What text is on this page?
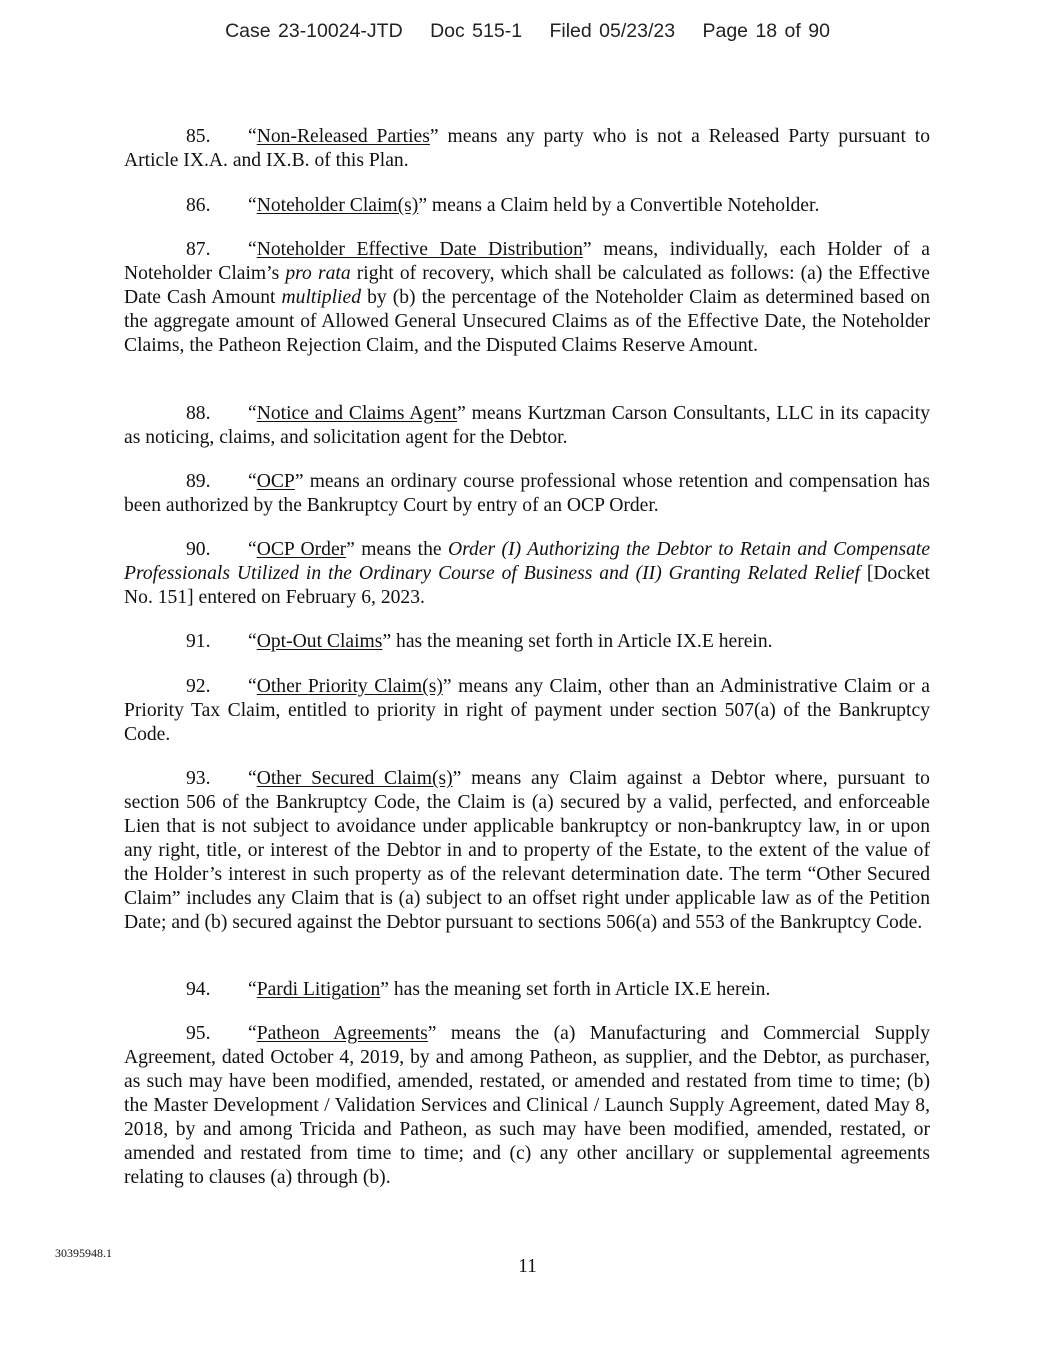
Case 23-10024-JTD Doc 515-1 Filed 05/23/23 Page 18 of 90
85. “Non-Released Parties” means any party who is not a Released Party pursuant to Article IX.A. and IX.B. of this Plan.
86. “Noteholder Claim(s)” means a Claim held by a Convertible Noteholder.
87. “Noteholder Effective Date Distribution” means, individually, each Holder of a Noteholder Claim’s pro rata right of recovery, which shall be calculated as follows: (a) the Effective Date Cash Amount multiplied by (b) the percentage of the Noteholder Claim as determined based on the aggregate amount of Allowed General Unsecured Claims as of the Effective Date, the Noteholder Claims, the Patheon Rejection Claim, and the Disputed Claims Reserve Amount.
88. “Notice and Claims Agent” means Kurtzman Carson Consultants, LLC in its capacity as noticing, claims, and solicitation agent for the Debtor.
89. “OCP” means an ordinary course professional whose retention and compensation has been authorized by the Bankruptcy Court by entry of an OCP Order.
90. “OCP Order” means the Order (I) Authorizing the Debtor to Retain and Compensate Professionals Utilized in the Ordinary Course of Business and (II) Granting Related Relief [Docket No. 151] entered on February 6, 2023.
91. “Opt-Out Claims” has the meaning set forth in Article IX.E herein.
92. “Other Priority Claim(s)” means any Claim, other than an Administrative Claim or a Priority Tax Claim, entitled to priority in right of payment under section 507(a) of the Bankruptcy Code.
93. “Other Secured Claim(s)” means any Claim against a Debtor where, pursuant to section 506 of the Bankruptcy Code, the Claim is (a) secured by a valid, perfected, and enforceable Lien that is not subject to avoidance under applicable bankruptcy or non-bankruptcy law, in or upon any right, title, or interest of the Debtor in and to property of the Estate, to the extent of the value of the Holder’s interest in such property as of the relevant determination date. The term “Other Secured Claim” includes any Claim that is (a) subject to an offset right under applicable law as of the Petition Date; and (b) secured against the Debtor pursuant to sections 506(a) and 553 of the Bankruptcy Code.
94. “Pardi Litigation” has the meaning set forth in Article IX.E herein.
95. “Patheon Agreements” means the (a) Manufacturing and Commercial Supply Agreement, dated October 4, 2019, by and among Patheon, as supplier, and the Debtor, as purchaser, as such may have been modified, amended, restated, or amended and restated from time to time; (b) the Master Development / Validation Services and Clinical / Launch Supply Agreement, dated May 8, 2018, by and among Tricida and Patheon, as such may have been modified, amended, restated, or amended and restated from time to time; and (c) any other ancillary or supplemental agreements relating to clauses (a) through (b).
30395948.1
11
